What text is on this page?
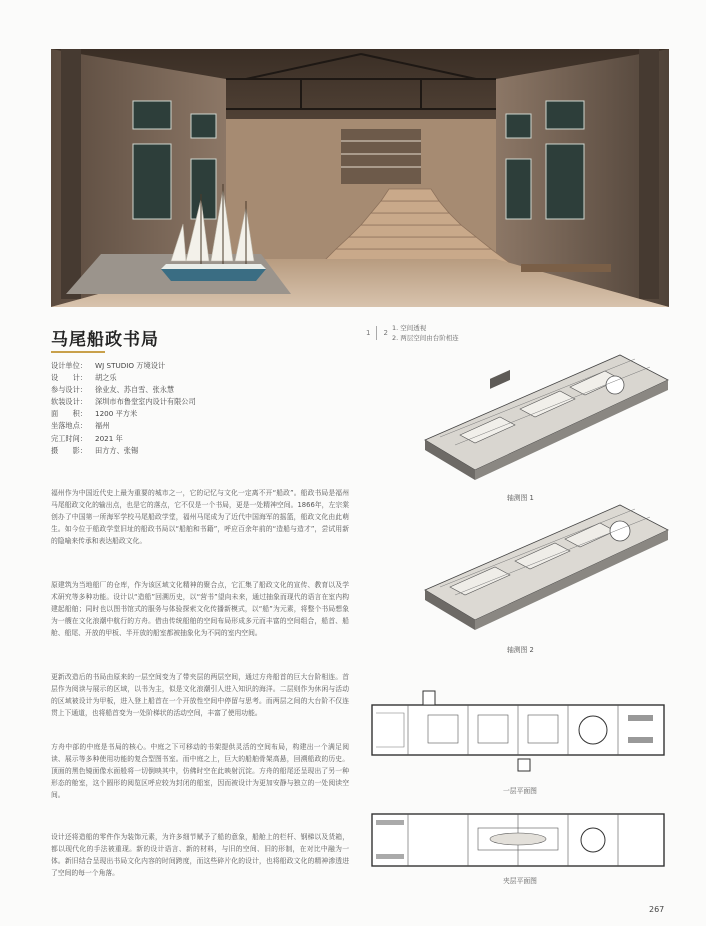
1 2
1. 空间透视
2. 两层空间由台阶相连
马尾船政书局
设计单位：	WJ STUDIO 万境设计
设　　计：	胡之乐
参与设计：	徐业友、苏自雪、张永慧
软装设计：	深圳市布鲁堂室内设计有限公司
面　　积：	1200 平方米
坐落地点：	福州
完工时间：	2021 年
摄　　影：	田方方、张锡
福州作为中国近代史上最为重要的城市之一，它的记忆与文化一定离不开“船政”。船政书局是福州马尾船政文化的输出点，也是它的落点，它不仅是一个书局，更是一处精神空间。1866年，左宗棠创办了中国第一所海军学校马尾船政学堂，福州马尾成为了近代中国海军的摇篮，船政文化由此萌生。如今位于船政学堂旧址的船政书局以“船舶和书籍”，呼应百余年前的“造船与造才”，尝试用新的隐喻来传承和表达船政文化。
原建筑为当地船厂的仓库，作为该区域文化精神的聚合点，它汇集了船政文化的宣传、教育以及学术研究等多种功能。设计以“造船”回溯历史，以“营书”望向未来，通过抽象而现代的语言在室内构建起船舶；同时也以图书馆式的服务与体验探索文化传播新模式，以“船”为元素，将整个书局想象为一艘在文化浪潮中航行的方舟。借由传统船舶的空间布局形成多元而丰富的空间组合，船首、船舱、船尾、开放的甲板、半开放的船室都被抽象化为不同的室内空间。
更新改造后的书局由原来的一层空间变为了带夹层的两层空间，通过方舟船首的巨大台阶相连。首层作为阅读与展示的区域，以书为主，似是文化浪潮引人进入知识的海洋。二层则作为休闲与活动的区域被设计为甲板，进入登上船首在一个开放性空间中停留与思考。而两层之间的大台阶不仅连贯上下通道，也将船首变为一处阶梯状的活动空间，丰富了使用功能。
方舟中部的中庭是书局的核心。中庭之下可移动的书架提供灵活的空间布局，构建出一个满足阅读、展示等多种使用功能的复合型图书室。而中庭之上，巨大的船舶骨架高悬，回溯船政的历史。顶面的黑色镜面像水面般将一切倒映其中，仿佛时空在此映射沉淀。方舟的船尾还呈现出了另一种形态的舱室，这个圆形的阅览区呼应较为封闭的船室，因而被设计为更加安静与独立的一处阅读空间。
设计还将造船的零件作为装饰元素，为许多细节赋予了船的意象，船舱上的栏杆、钢梯以及货箱，都以现代化的手法被重现。新的设计语言、新的材料，与旧的空间、旧的形制，在对比中融为一体。新旧结合呈现出书局文化内容的时间跨度，而这些碎片化的设计，也将船政文化的精神渗透进了空间的每一个角落。
轴测图 1
轴测图 2
一层平面图
夹层平面图
267
